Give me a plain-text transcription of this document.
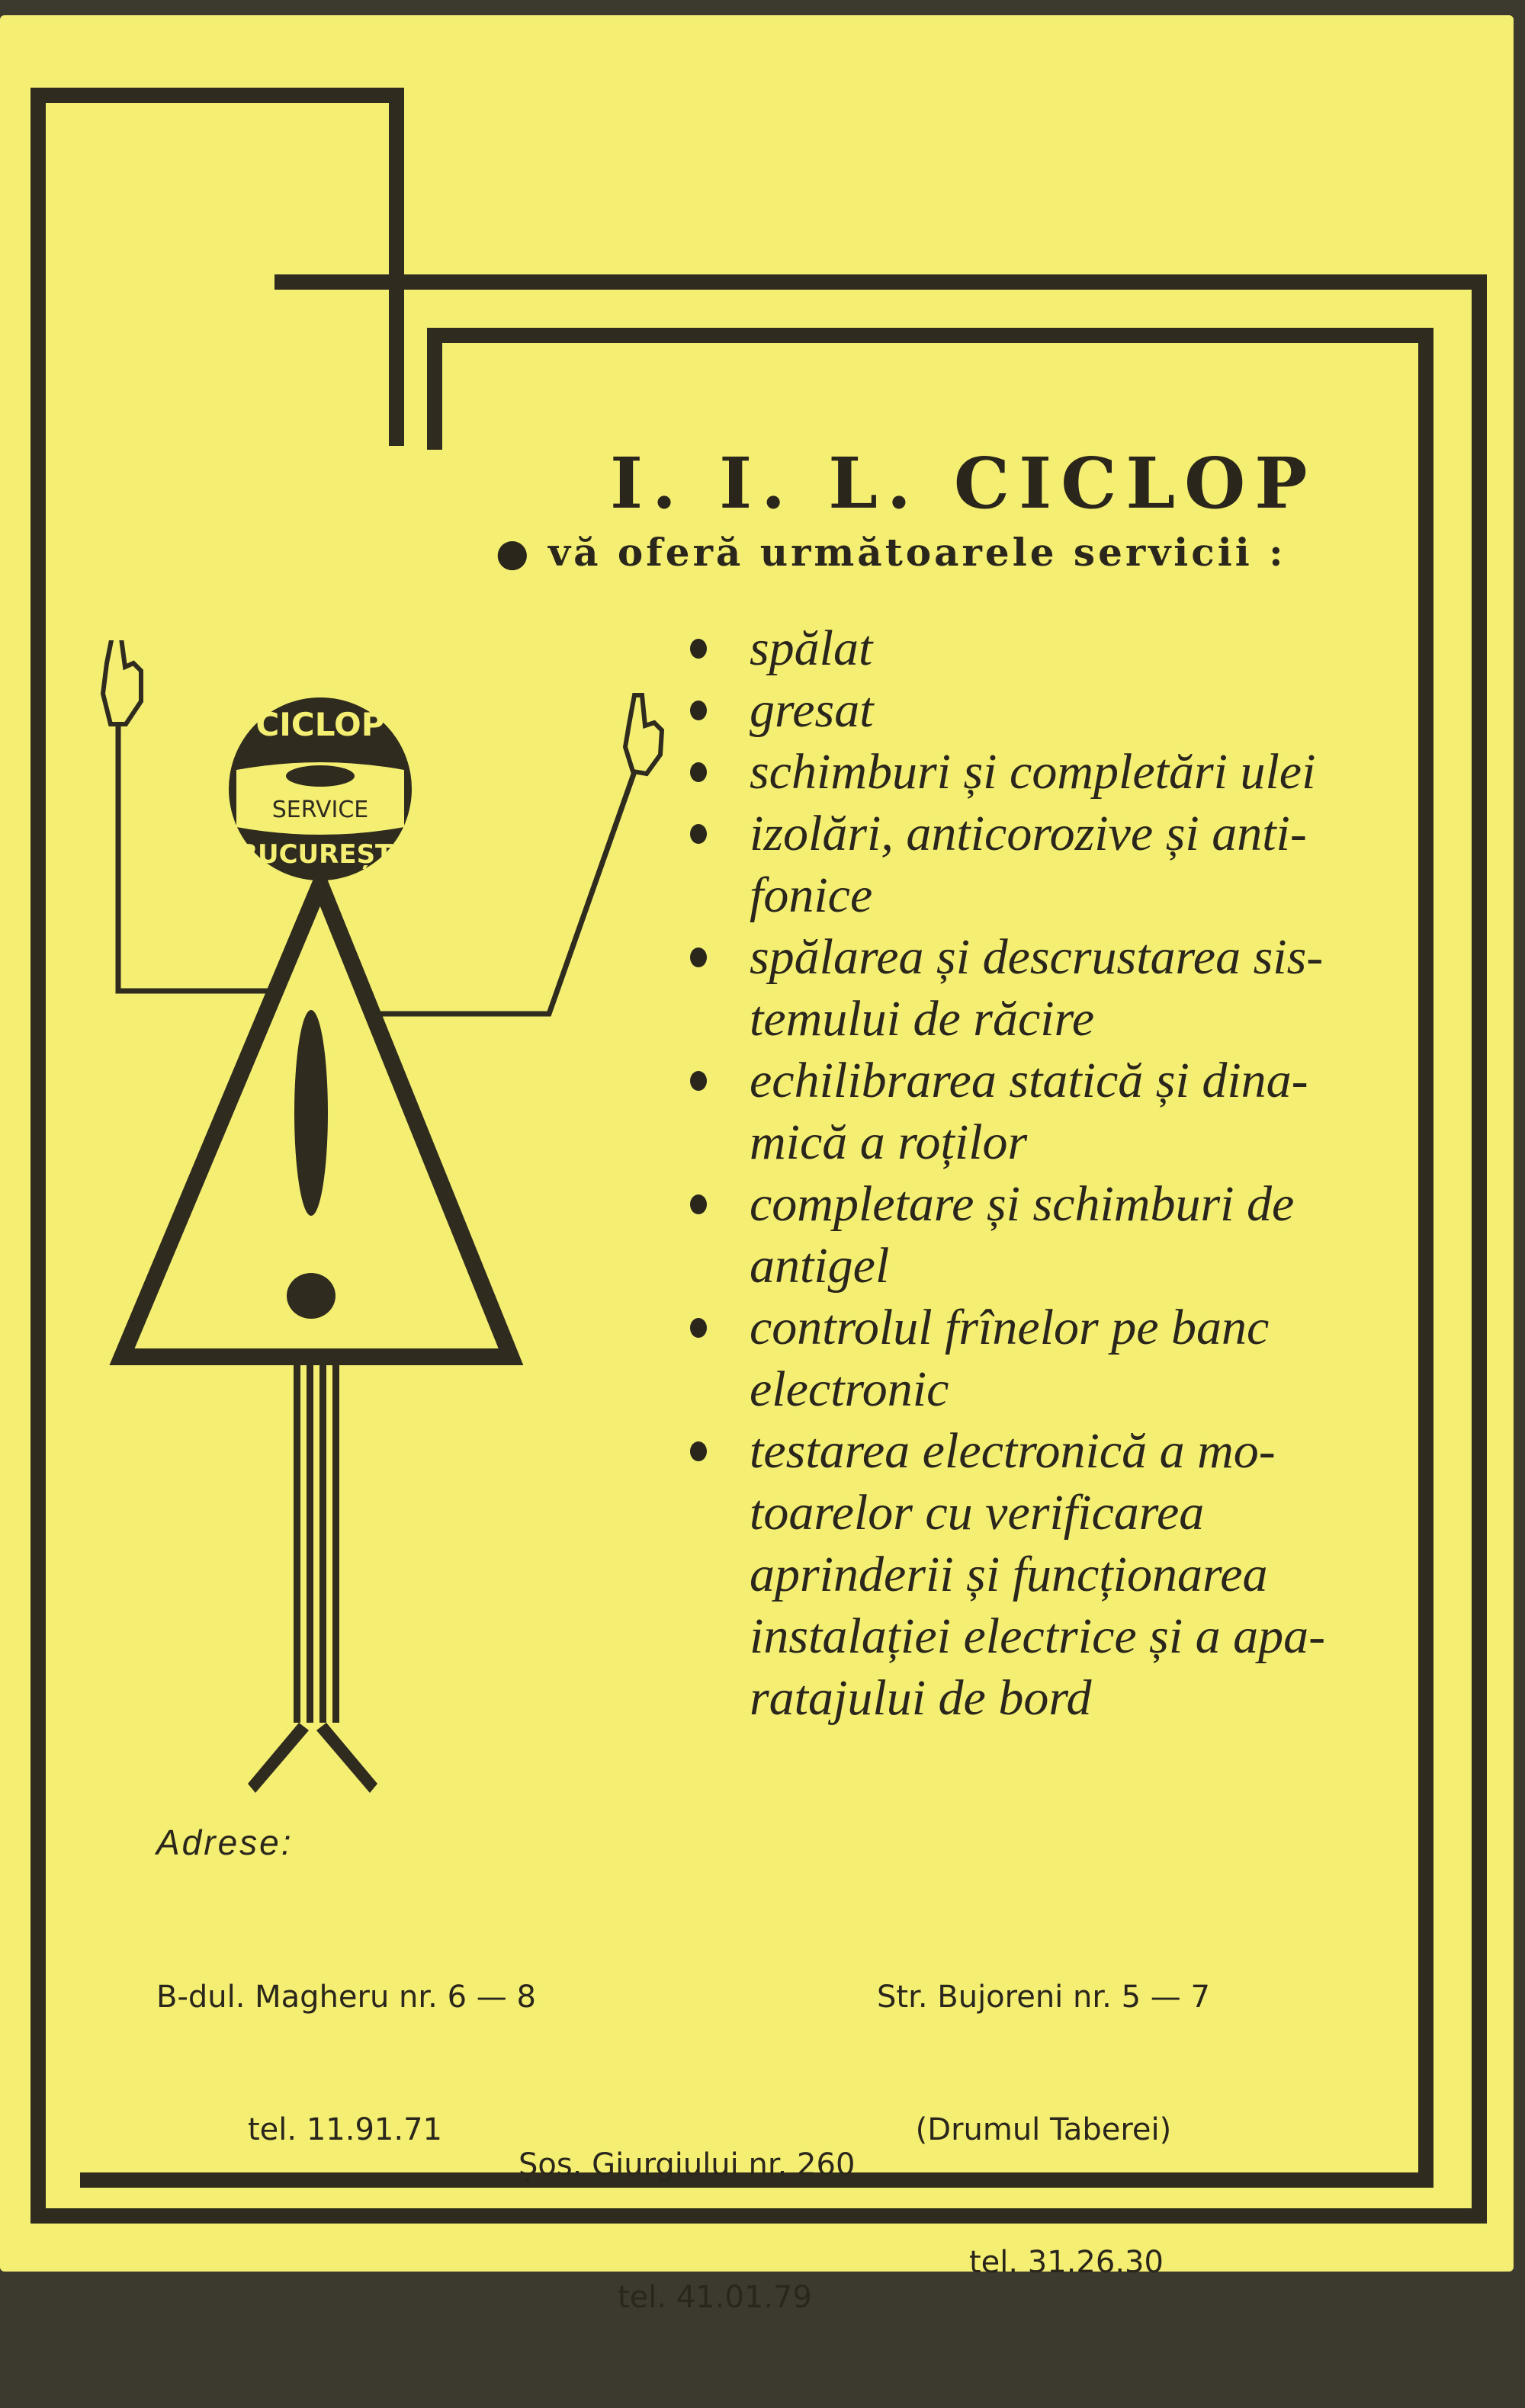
I. I. L. CICLOP
● vă oferă următoarele servicii :
CICLOP
SERVICE
BUCUREȘTI
spălat
gresat
schimburi și completări ulei
izolări, anticorozive și anti-fonice
spălarea și descrustarea sis-temului de răcire
echilibrarea statică și dina-mică a roților
completare și schimburi de antigel
controlul frînelor pe banc electronic
testarea electronică a mo-toarelor cu verificarea aprinderii și funcționarea instalației electrice și a apa-ratajului de bord
Adrese:

B-dul. Magheru nr. 6 — 8

tel. 11.91.71

Str. Bujoreni nr. 5 — 7

(Drumul Taberei)

tel. 31.26.30

Șos. Giurgiului nr. 260

tel. 41.01.79
